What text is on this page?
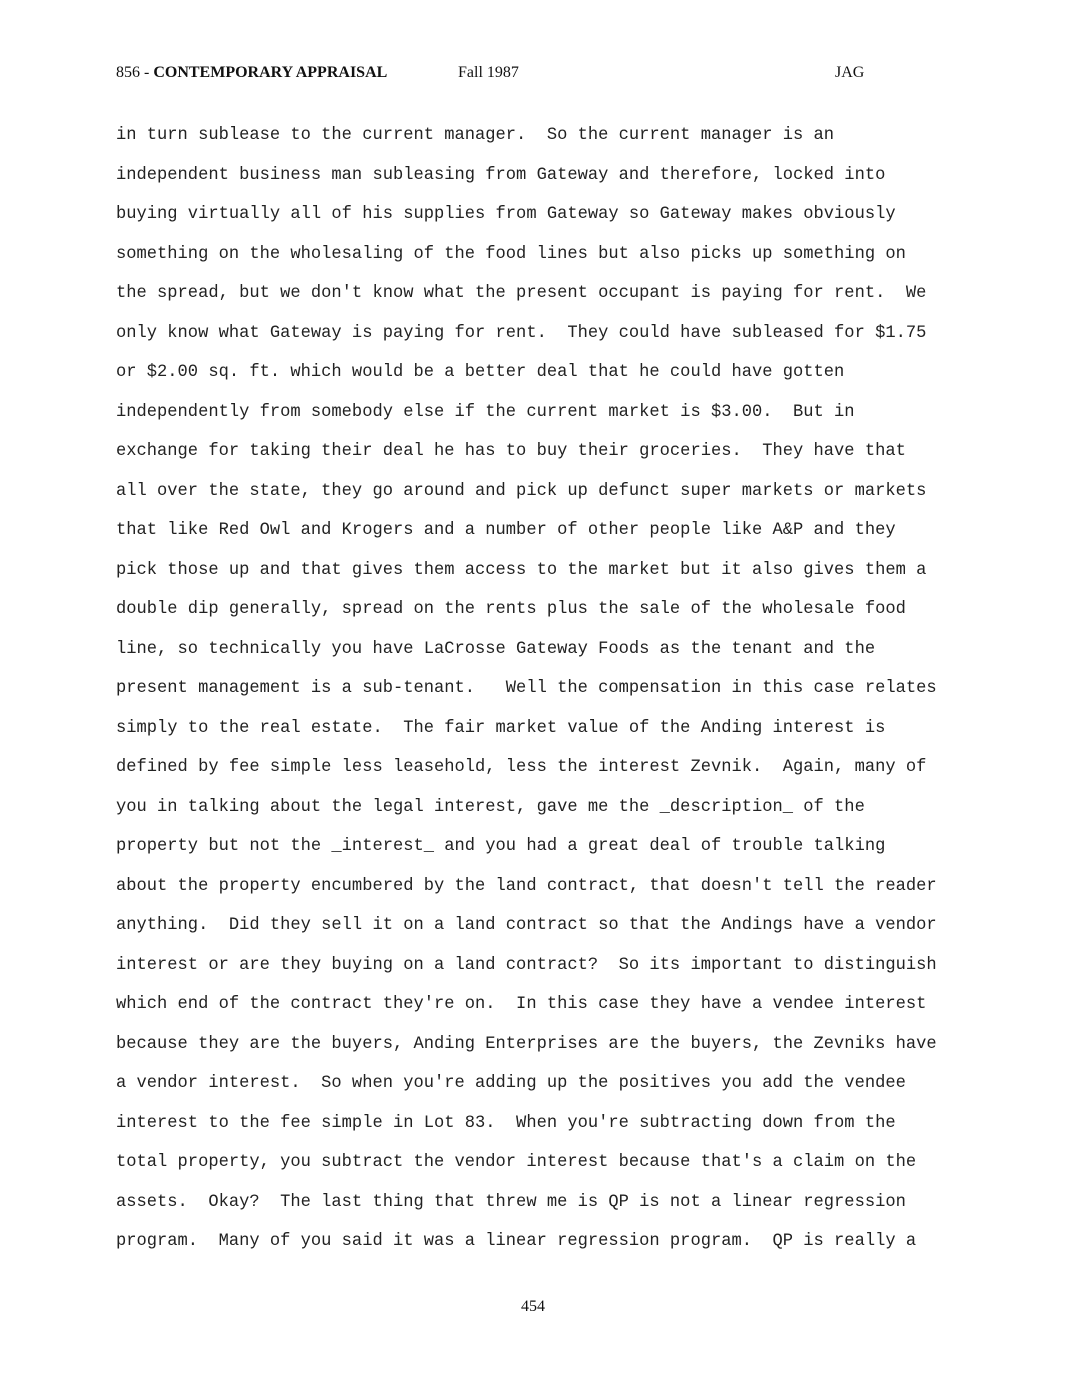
856 - CONTEMPORARY APPRAISAL	Fall 1987	JAG
in turn sublease to the current manager.  So the current manager is an
independent business man subleasing from Gateway and therefore, locked into
buying virtually all of his supplies from Gateway so Gateway makes obviously
something on the wholesaling of the food lines but also picks up something on
the spread, but we don't know what the present occupant is paying for rent.  We
only know what Gateway is paying for rent.  They could have subleased for $1.75
or $2.00 sq. ft. which would be a better deal that he could have gotten
independently from somebody else if the current market is $3.00.  But in
exchange for taking their deal he has to buy their groceries.  They have that
all over the state, they go around and pick up defunct super markets or markets
that like Red Owl and Krogers and a number of other people like A&P and they
pick those up and that gives them access to the market but it also gives them a
double dip generally, spread on the rents plus the sale of the wholesale food
line, so technically you have LaCrosse Gateway Foods as the tenant and the
present management is a sub-tenant.   Well the compensation in this case relates
simply to the real estate.  The fair market value of the Anding interest is
defined by fee simple less leasehold, less the interest Zevnik.  Again, many of
you in talking about the legal interest, gave me the _description_ of the
property but not the _interest_ and you had a great deal of trouble talking
about the property encumbered by the land contract, that doesn't tell the reader
anything.  Did they sell it on a land contract so that the Andings have a vendor
interest or are they buying on a land contract?  So its important to distinguish
which end of the contract they're on.  In this case they have a vendee interest
because they are the buyers, Anding Enterprises are the buyers, the Zevniks have
a vendor interest.  So when you're adding up the positives you add the vendee
interest to the fee simple in Lot 83.  When you're subtracting down from the
total property, you subtract the vendor interest because that's a claim on the
assets.  Okay?  The last thing that threw me is QP is not a linear regression
program.  Many of you said it was a linear regression program.  QP is really a
454
